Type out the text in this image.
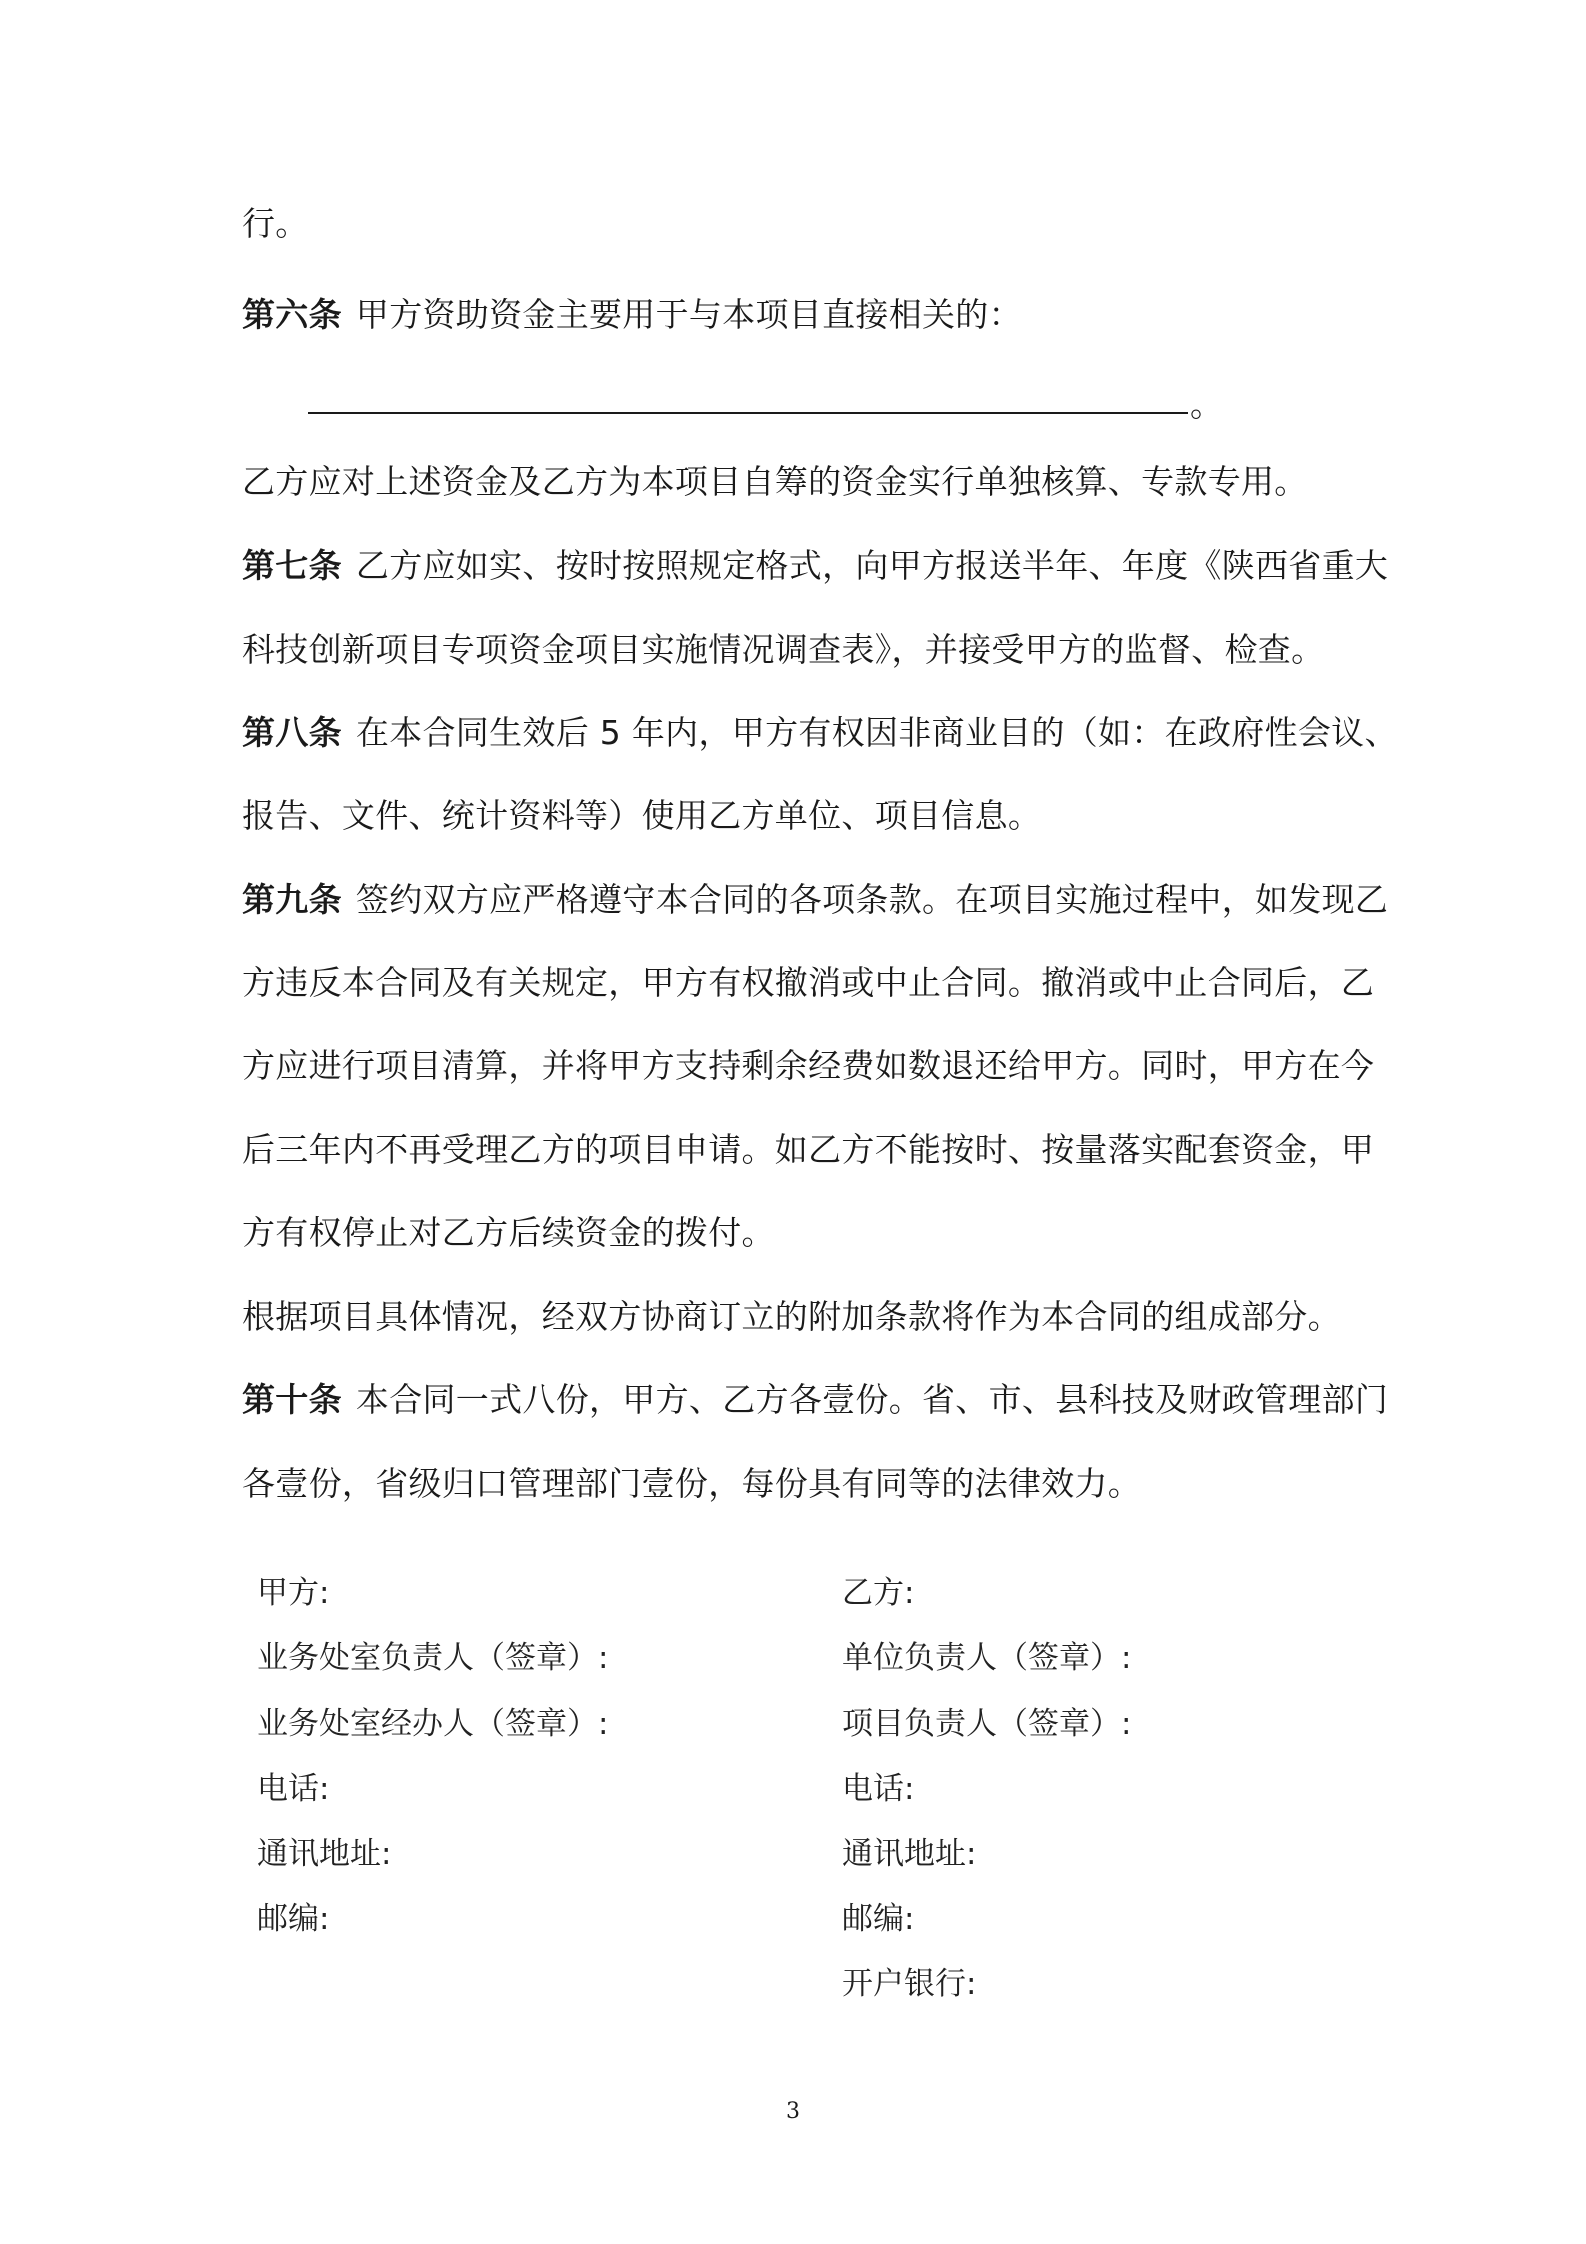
行。
第六条 甲方资助资金主要用于与本项目直接相关的：
。
乙方应对上述资金及乙方为本项目自筹的资金实行单独核算、专款专用。
第七条 乙方应如实、按时按照规定格式，向甲方报送半年、年度《陕西省重大
科技创新项目专项资金项目实施情况调查表》，并接受甲方的监督、检查。
第八条 在本合同生效后 5 年内，甲方有权因非商业目的（如：在政府性会议、
报告、文件、统计资料等）使用乙方单位、项目信息。
第九条 签约双方应严格遵守本合同的各项条款。在项目实施过程中，如发现乙
方违反本合同及有关规定，甲方有权撤消或中止合同。撤消或中止合同后，乙
方应进行项目清算，并将甲方支持剩余经费如数退还给甲方。同时，甲方在今
后三年内不再受理乙方的项目申请。如乙方不能按时、按量落实配套资金，甲
方有权停止对乙方后续资金的拨付。
根据项目具体情况，经双方协商订立的附加条款将作为本合同的组成部分。
第十条 本合同一式八份，甲方、乙方各壹份。省、市、县科技及财政管理部门
各壹份，省级归口管理部门壹份，每份具有同等的法律效力。
甲方:
业务处室负责人（签章）:
业务处室经办人（签章）:
电话:
通讯地址:
邮编:
乙方:
单位负责人（签章）:
项目负责人（签章）:
电话:
通讯地址:
邮编:
开户银行:
3
